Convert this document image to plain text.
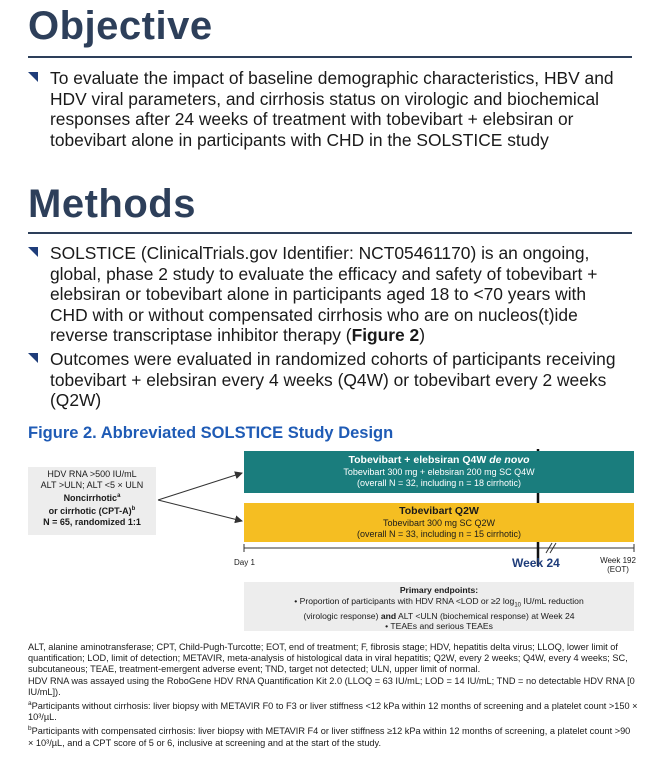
Objective
To evaluate the impact of baseline demographic characteristics, HBV and HDV viral parameters, and cirrhosis status on virologic and biochemical responses after 24 weeks of treatment with tobevibart + elebsiran or tobevibart alone in participants with CHD in the SOLSTICE study
Methods
SOLSTICE (ClinicalTrials.gov Identifier: NCT05461170) is an ongoing, global, phase 2 study to evaluate the efficacy and safety of tobevibart + elebsiran or tobevibart alone in participants aged 18 to <70 years with CHD with or without compensated cirrhosis who are on nucleos(t)ide reverse transcriptase inhibitor therapy (Figure 2)
Outcomes were evaluated in randomized cohorts of participants receiving tobevibart + elebsiran every 4 weeks (Q4W) or tobevibart every 2 weeks (Q2W)
Figure 2. Abbreviated SOLSTICE Study Design
HDV RNA >500 IU/mL
ALT >ULN; ALT <5 × ULN
Noncirrhotic$^a$
or cirrhotic $(CPT-A)^b$
N = 65, randomized 1:1
Tobevibart + elebsiran Q4W de novo
Tobevibart 300 mg + elebsiran 200 mg SC Q4W
(overall N = 32, including n = 18 cirrhotic)
Tobevibart Q2W
Tobevibart 300 mg SC Q2W
(overall N = 33, including n = 15 cirrhotic)
Day 1	Week 24	Week 192
(EOT)
Primary endpoints:
• Proportion of participants with HDV RNA <LOD or ≥2 $\log_{10} IU/mL$ reduction
(virologic response) and ALT <ULN (biochemical response) at Week 24
• TEAEs and serious TEAEs
ALT, alanine aminotransferase; CPT, Child-Pugh-Turcotte; EOT, end of treatment; F, fibrosis stage; HDV, hepatitis delta virus; LLOQ, lower limit of quantification; LOD, limit of detection; METAVIR, meta-analysis of histological data in viral hepatitis; Q2W, every 2 weeks; Q4W, every 4 weeks; SC, subcutaneous; TEAE, treatment-emergent adverse event; TND, target not detected; ULN, upper limit of normal.
HDV RNA was assayed using the RoboGene HDV RNA Quantification Kit 2.0 (LLOQ = 63 IU/mL; LOD = 14 IU/mL; TND = no detectable HDV RNA [0 IU/mL]).
$^a$Participants without cirrhosis: liver biopsy with METAVIR F0 to F3 or liver stiffness <12 kPa within 12 months of screening and a platelet count >150 × 10³/µL.
$^b$Participants with compensated cirrhosis: liver biopsy with METAVIR F4 or liver stiffness ≥12 kPa within 12 months of screening, a platelet count >90 × 10³/µL, and a CPT score of 5 or 6, inclusive at screening and at the start of the study.
